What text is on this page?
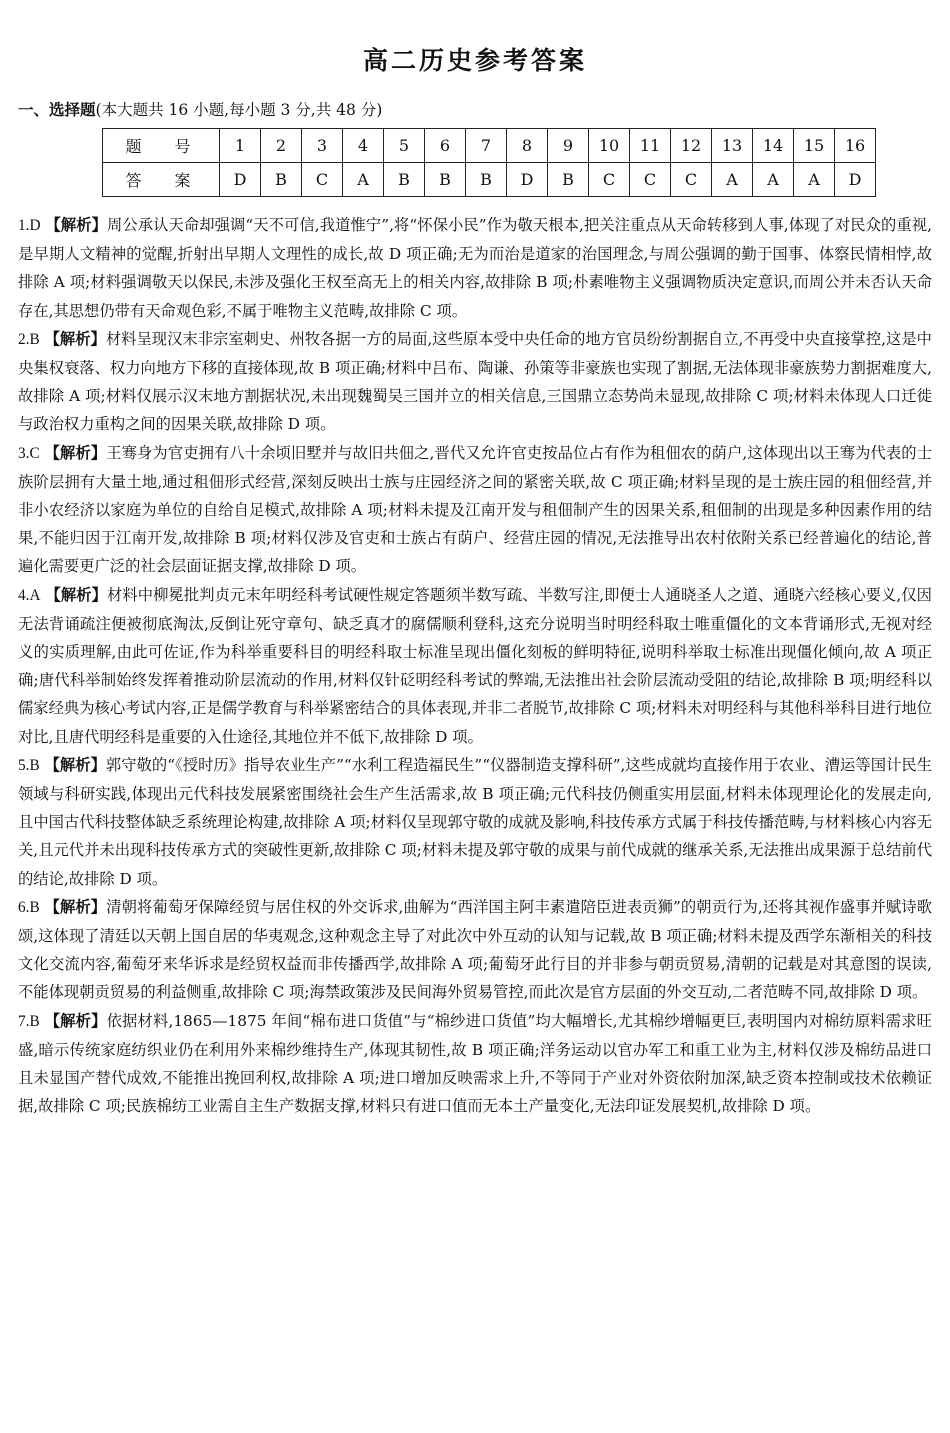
高二历史参考答案
一、选择题(本大题共 16 小题,每小题 3 分,共 48 分)
题 号	1	2	3	4	5	6	7	8	9	10	11	12	13	14	15	16
答 案	D	B	C	A	B	B	B	D	B	C	C	C	A	A	A	D

1.D 【解析】周公承认天命却强调“天不可信,我道惟宁”,将“怀保小民”作为敬天根本,把关注重点从天命转移到人事,体现了对民众的重视,是早期人文精神的觉醒,折射出早期人文理性的成长,故 D 项正确;无为而治是道家的治国理念,与周公强调的勤于国事、体察民情相悖,故排除 A 项;材料强调敬天以保民,未涉及强化王权至高无上的相关内容,故排除 B 项;朴素唯物主义强调物质决定意识,而周公并未否认天命存在,其思想仍带有天命观色彩,不属于唯物主义范畴,故排除 C 项。

2.B 【解析】材料呈现汉末非宗室刺史、州牧各据一方的局面,这些原本受中央任命的地方官员纷纷割据自立,不再受中央直接掌控,这是中央集权衰落、权力向地方下移的直接体现,故 B 项正确;材料中吕布、陶谦、孙策等非豪族也实现了割据,无法体现非豪族势力割据难度大,故排除 A 项;材料仅展示汉末地方割据状况,未出现魏蜀吴三国并立的相关信息,三国鼎立态势尚未显现,故排除 C 项;材料未体现人口迁徙与政治权力重构之间的因果关联,故排除 D 项。

3.C 【解析】王骞身为官吏拥有八十余顷旧墅并与故旧共佃之,晋代又允许官吏按品位占有作为租佃农的荫户,这体现出以王骞为代表的士族阶层拥有大量土地,通过租佃形式经营,深刻反映出士族与庄园经济之间的紧密关联,故 C 项正确;材料呈现的是士族庄园的租佃经营,并非小农经济以家庭为单位的自给自足模式,故排除 A 项;材料未提及江南开发与租佃制产生的因果关系,租佃制的出现是多种因素作用的结果,不能归因于江南开发,故排除 B 项;材料仅涉及官吏和士族占有荫户、经营庄园的情况,无法推导出农村依附关系已经普遍化的结论,普遍化需要更广泛的社会层面证据支撑,故排除 D 项。

4.A 【解析】材料中柳冕批判贞元末年明经科考试硬性规定答题须半数写疏、半数写注,即便士人通晓圣人之道、通晓六经核心要义,仅因无法背诵疏注便被彻底淘汰,反倒让死守章句、缺乏真才的腐儒顺利登科,这充分说明当时明经科取士唯重僵化的文本背诵形式,无视对经义的实质理解,由此可佐证,作为科举重要科目的明经科取士标准呈现出僵化刻板的鲜明特征,说明科举取士标准出现僵化倾向,故 A 项正确;唐代科举制始终发挥着推动阶层流动的作用,材料仅针砭明经科考试的弊端,无法推出社会阶层流动受阻的结论,故排除 B 项;明经科以儒家经典为核心考试内容,正是儒学教育与科举紧密结合的具体表现,并非二者脱节,故排除 C 项;材料未对明经科与其他科举科目进行地位对比,且唐代明经科是重要的入仕途径,其地位并不低下,故排除 D 项。

5.B 【解析】郭守敬的“《授时历》指导农业生产”“水利工程造福民生”“仪器制造支撑科研”,这些成就均直接作用于农业、漕运等国计民生领域与科研实践,体现出元代科技发展紧密围绕社会生产生活需求,故 B 项正确;元代科技仍侧重实用层面,材料未体现理论化的发展走向,且中国古代科技整体缺乏系统理论构建,故排除 A 项;材料仅呈现郭守敬的成就及影响,科技传承方式属于科技传播范畴,与材料核心内容无关,且元代并未出现科技传承方式的突破性更新,故排除 C 项;材料未提及郭守敬的成果与前代成就的继承关系,无法推出成果源于总结前代的结论,故排除 D 项。

6.B 【解析】清朝将葡萄牙保障经贸与居住权的外交诉求,曲解为“西洋国主阿丰素遣陪臣进表贡狮”的朝贡行为,还将其视作盛事并赋诗歌颂,这体现了清廷以天朝上国自居的华夷观念,这种观念主导了对此次中外互动的认知与记载,故 B 项正确;材料未提及西学东渐相关的科技文化交流内容,葡萄牙来华诉求是经贸权益而非传播西学,故排除 A 项;葡萄牙此行目的并非参与朝贡贸易,清朝的记载是对其意图的误读,不能体现朝贡贸易的利益侧重,故排除 C 项;海禁政策涉及民间海外贸易管控,而此次是官方层面的外交互动,二者范畴不同,故排除 D 项。

7.B 【解析】依据材料,1865—1875 年间“棉布进口货值”与“棉纱进口货值”均大幅增长,尤其棉纱增幅更巨,表明国内对棉纺原料需求旺盛,暗示传统家庭纺织业仍在利用外来棉纱维持生产,体现其韧性,故 B 项正确;洋务运动以官办军工和重工业为主,材料仅涉及棉纺品进口且未显国产替代成效,不能推出挽回利权,故排除 A 项;进口增加反映需求上升,不等同于产业对外资依附加深,缺乏资本控制或技术依赖证据,故排除 C 项;民族棉纺工业需自主生产数据支撑,材料只有进口值而无本土产量变化,无法印证发展契机,故排除 D 项。
